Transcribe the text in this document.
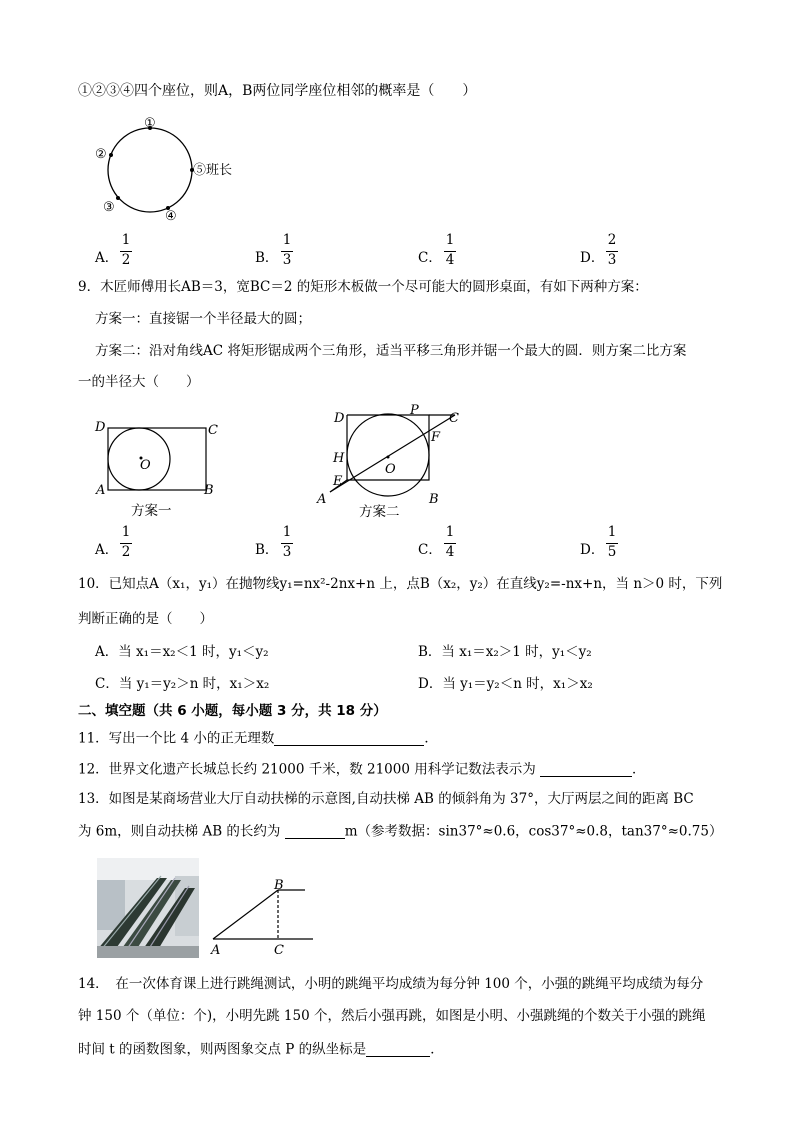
①②③④四个座位，则A，B两位同学座位相邻的概率是（　　）
①
②
③
④
⑤班长
A．
1
2	B．
1
3	C．
1
4	D．
2
3
9．木匠师傅用长AB＝3，宽BC＝2 的矩形木板做一个尽可能大的圆形桌面，有如下两种方案：
方案一：直接锯一个半径最大的圆；
方案二：沿对角线AC 将矩形锯成两个三角形，适当平移三角形并锯一个最大的圆．则方案二比方案
一的半径大（　　）
D	C
A	B
O
方案一
D
P
C
F
H
O
E
A	B
方案二
A．
1
2	B．
1
3	C．
1
4	D．
1
5
10．已知点A（x₁，y₁）在抛物线y₁=nx²-2nx+n 上，点B（x₂，y₂）在直线y₂=-nx+n，当 n＞0 时，下列
判断正确的是（　　）
A．当 x₁＝x₂＜1 时，y₁＜y₂	B．当 x₁＝x₂＞1 时，y₁＜y₂
C．当 y₁＝y₂＞n 时，x₁＞x₂	D．当 y₁＝y₂＜n 时，x₁＞x₂
二、填空题（共 6 小题，每小题 3 分，共 18 分）
11．写出一个比 4 小的正无理数	．
12．世界文化遗产长城总长约 21000 千米，数 21000 用科学记数法表示为	．
13．如图是某商场营业大厅自动扶梯的示意图,自动扶梯 AB 的倾斜角为 37°，大厅两层之间的距离 BC
为 6m，则自动扶梯 AB 的长约为	m（参考数据：sin37°≈0.6，cos37°≈0.8，tan37°≈0.75）
B
A	C
14．　在一次体育课上进行跳绳测试，小明的跳绳平均成绩为每分钟 100 个，小强的跳绳平均成绩为每分
钟 150 个（单位：个)，小明先跳 150 个，然后小强再跳，如图是小明、小强跳绳的个数关于小强的跳绳
时间 t 的函数图象，则两图象交点 P 的纵坐标是	．
